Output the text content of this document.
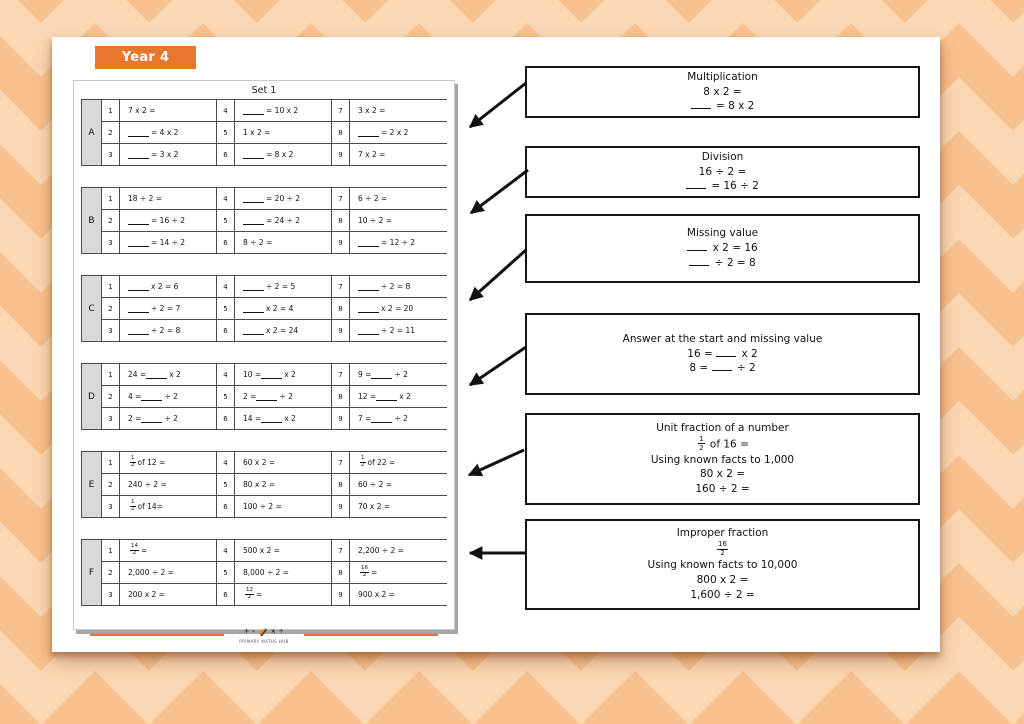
Year 4
Set 1
A
1	7 x 2 =	4	= 10 x 2	7	3 x 2 =
2	= 4 x 2	5	1 x 2 =	8	= 2 x 2
3	= 3 x 2	6	= 8 x 2	9	7 x 2 =
B
1	18 ÷ 2 =	4	= 20 ÷ 2	7	6 ÷ 2 =
2	= 16 ÷ 2	5	= 24 ÷ 2	8	10 ÷ 2 =
3	= 14 ÷ 2	6	8 ÷ 2 =	9	= 12 ÷ 2
C
1	x 2 = 6	4	÷ 2 = 5	7	÷ 2 = 8
2	÷ 2 = 7	5	x 2 = 4	8	x 2 = 20
3	÷ 2 = 8	6	x 2 = 24	9	÷ 2 = 11
D
1	24 =	x 2	4	10 =	x 2	7	9 =	÷ 2
2	4 =	÷ 2	5	2 =	÷ 2	8	12 =	x 2
3	2 =	÷ 2	6	14 =	x 2	9	7 =	÷ 2
E
1	$\frac{1}{2}$ of 12 =	4	60 x 2 =	7	$\frac{1}{2}$ of 22 =
2	240 ÷ 2 =	5	80 x 2 =	8	60 ÷ 2 =
3	$\frac{1}{2}$ of 14=	6	100 ÷ 2 =	9	70 x 2 =
F
1	$\frac{14}{2}$ =	4	500 x 2 =	7	2,200 ÷ 2 =
2	2,000 ÷ 2 =	5	8,000 ÷ 2 =	8	$\frac{16}{2}$ =
3	200 x 2 =	6	$\frac{12}{2}$ =	9	900 x 2 =
+ - ✔ × ÷
PRIMARY MATHS HUB
Multiplication
8 x 2 =
= 8 x 2
Division
16 ÷ 2 =
= 16 ÷ 2
Missing value
x 2 = 16
÷ 2 = 8
Answer at the start and missing value
16 =  x 2
8 =  ÷ 2
Unit fraction of a number
$\frac{1}{2}$ of 16 =
Using known facts to 1,000
80 x 2 =
160 ÷ 2 =
Improper fraction
$\frac{16}{2}$
Using known facts to 10,000
800 x 2 =
1,600 ÷ 2 =
